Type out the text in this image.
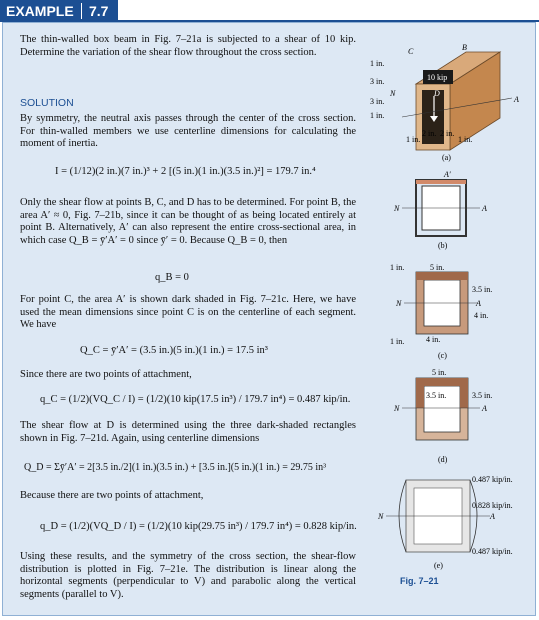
EXAMPLE 7.7
The thin-walled box beam in Fig. 7–21a is subjected to a shear of 10 kip. Determine the variation of the shear flow throughout the cross section.
SOLUTION
By symmetry, the neutral axis passes through the center of the cross section. For thin-walled members we use centerline dimensions for calculating the moment of inertia.
I = (1/12)(2 in.)(7 in.)³ + 2 [(5 in.)(1 in.)(3.5 in.)²] = 179.7 in.⁴
Only the shear flow at points B, C, and D has to be determined. For point B, the area A′ ≈ 0, Fig. 7–21b, since it can be thought of as being located entirely at point B. Alternatively, A′ can also represent the entire cross-sectional area, in which case Q_B = ȳ′A′ = 0 since ȳ′ = 0. Because Q_B = 0, then
q_B = 0
For point C, the area A′ is shown dark shaded in Fig. 7–21c. Here, we have used the mean dimensions since point C is on the centerline of each segment. We have
Q_C = ȳ′A′ = (3.5 in.)(5 in.)(1 in.) = 17.5 in³
Since there are two points of attachment,
q_C = (1/2)(VQ_C / I) = (1/2)(10 kip(17.5 in³) / 179.7 in⁴) = 0.487 kip/in.
The shear flow at D is determined using the three dark-shaded rectangles shown in Fig. 7–21d. Again, using centerline dimensions
Q_D = Σȳ′A′ = 2[3.5 in./2](1 in.)(3.5 in.) + [3.5 in.](5 in.)(1 in.) = 29.75 in³
Because there are two points of attachment,
q_D = (1/2)(VQ_D / I) = (1/2)(10 kip(29.75 in³) / 179.7 in⁴) = 0.828 kip/in.
Using these results, and the symmetry of the cross section, the shear-flow distribution is plotted in Fig. 7–21e. The distribution is linear along the horizontal segments (perpendicular to V) and parabolic along the vertical segments (parallel to V).
10 kip
1 in.
3 in.
3 in.
1 in.
N
A
C	B
D
1 in.
2 in. 2 in.
1 in.
(a)
N	A
A′
(b)
N	A
1 in.	5 in.
3.5 in.
4 in.
1 in.	4 in.
(c)
N	A
5 in.
3.5 in.	3.5 in.
(d)
N	A
0.487 kip/in.
0.828 kip/in.
0.487 kip/in.
(e)
Fig. 7–21
